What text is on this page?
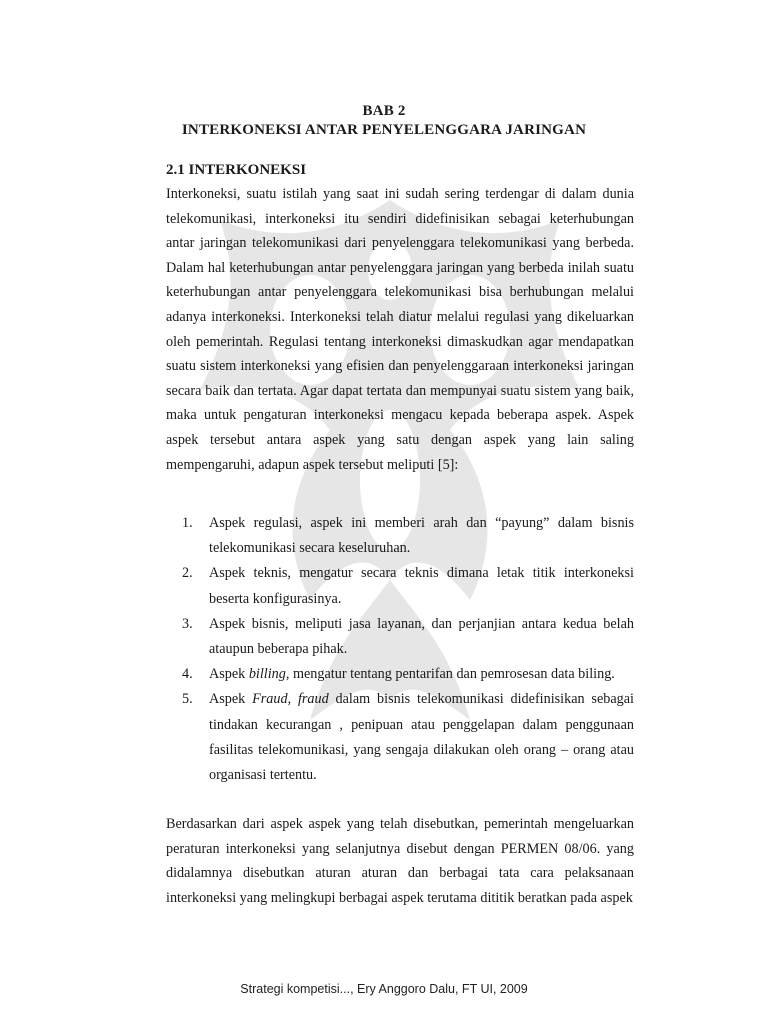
BAB 2
INTERKONEKSI ANTAR PENYELENGGARA JARINGAN
2.1 INTERKONEKSI

Interkoneksi, suatu istilah yang saat ini sudah sering terdengar di dalam dunia telekomunikasi, interkoneksi itu sendiri didefinisikan sebagai keterhubungan antar jaringan telekomunikasi dari penyelenggara telekomunikasi yang berbeda. Dalam hal keterhubungan antar penyelenggara jaringan yang berbeda inilah suatu keterhubungan antar penyelenggara telekomunikasi bisa berhubungan melalui adanya interkoneksi. Interkoneksi telah diatur melalui regulasi yang dikeluarkan oleh pemerintah. Regulasi tentang interkoneksi dimaskudkan agar mendapatkan suatu sistem interkoneksi yang efisien dan penyelenggaraan interkoneksi jaringan secara baik dan tertata. Agar dapat tertata dan mempunyai suatu sistem yang baik, maka untuk pengaturan interkoneksi mengacu kepada beberapa aspek. Aspek aspek tersebut antara aspek yang satu dengan aspek yang lain saling mempengaruhi, adapun aspek tersebut meliputi [5]:

1. Aspek regulasi, aspek ini memberi arah dan “payung” dalam bisnis telekomunikasi secara keseluruhan.
2. Aspek teknis, mengatur secara teknis dimana letak titik interkoneksi beserta konfigurasinya.
3. Aspek bisnis, meliputi jasa layanan, dan perjanjian antara kedua belah ataupun beberapa pihak.
4. Aspek billing, mengatur tentang pentarifan dan pemrosesan data biling.
5. Aspek Fraud, fraud dalam bisnis telekomunikasi didefinisikan sebagai tindakan kecurangan , penipuan atau penggelapan dalam penggunaan fasilitas telekomunikasi, yang sengaja dilakukan oleh orang – orang atau organisasi tertentu.

Berdasarkan dari aspek aspek yang telah disebutkan, pemerintah mengeluarkan peraturan interkoneksi yang selanjutnya disebut dengan PERMEN 08/06. yang didalamnya disebutkan aturan aturan dan berbagai tata cara pelaksanaan interkoneksi yang melingkupi berbagai aspek terutama dititik beratkan pada aspek

Strategi kompetisi..., Ery Anggoro Dalu, FT UI, 2009
